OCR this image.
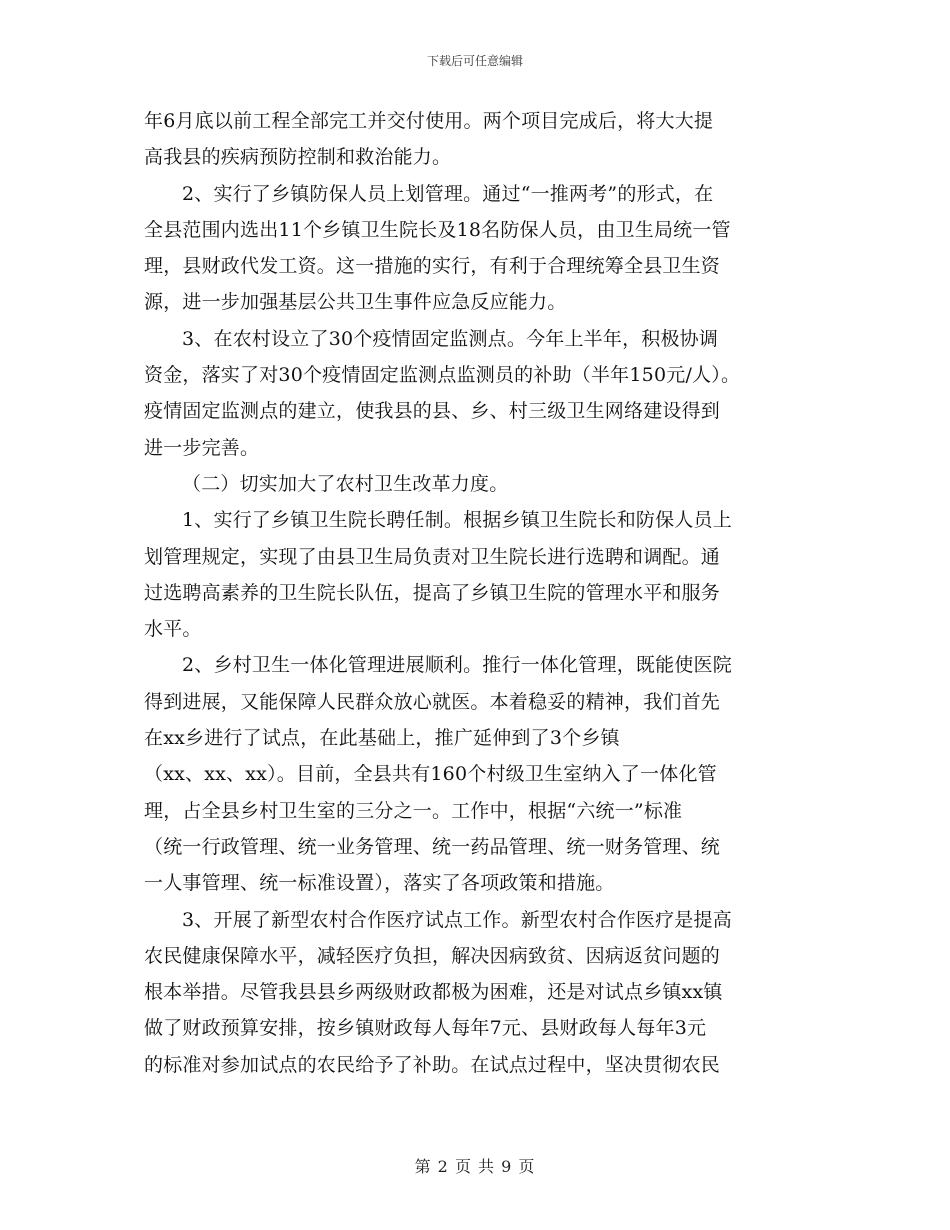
下载后可任意编辑
年6月底以前工程全部完工并交付使用。两个项目完成后，将大大提
高我县的疾病预防控制和救治能力。
2、实行了乡镇防保人员上划管理。通过“一推两考”的形式，在
全县范围内选出11个乡镇卫生院长及18名防保人员，由卫生局统一管
理，县财政代发工资。这一措施的实行，有利于合理统筹全县卫生资
源，进一步加强基层公共卫生事件应急反应能力。
3、在农村设立了30个疫情固定监测点。今年上半年，积极协调
资金，落实了对30个疫情固定监测点监测员的补助（半年150元/人）。
疫情固定监测点的建立，使我县的县、乡、村三级卫生网络建设得到
进一步完善。
（二）切实加大了农村卫生改革力度。
1、实行了乡镇卫生院长聘任制。根据乡镇卫生院长和防保人员上
划管理规定，实现了由县卫生局负责对卫生院长进行选聘和调配。通
过选聘高素养的卫生院长队伍，提高了乡镇卫生院的管理水平和服务
水平。
2、乡村卫生一体化管理进展顺利。推行一体化管理，既能使医院
得到进展，又能保障人民群众放心就医。本着稳妥的精神，我们首先
在xx乡进行了试点，在此基础上，推广延伸到了3个乡镇
（xx、xx、xx）。目前，全县共有160个村级卫生室纳入了一体化管
理，占全县乡村卫生室的三分之一。工作中，根据“六统一”标准
（统一行政管理、统一业务管理、统一药品管理、统一财务管理、统
一人事管理、统一标准设置），落实了各项政策和措施。
3、开展了新型农村合作医疗试点工作。新型农村合作医疗是提高
农民健康保障水平，减轻医疗负担，解决因病致贫、因病返贫问题的
根本举措。尽管我县县乡两级财政都极为困难，还是对试点乡镇xx镇
做了财政预算安排，按乡镇财政每人每年7元、县财政每人每年3元
的标准对参加试点的农民给予了补助。在试点过程中，坚决贯彻农民
第 2 页 共 9 页
